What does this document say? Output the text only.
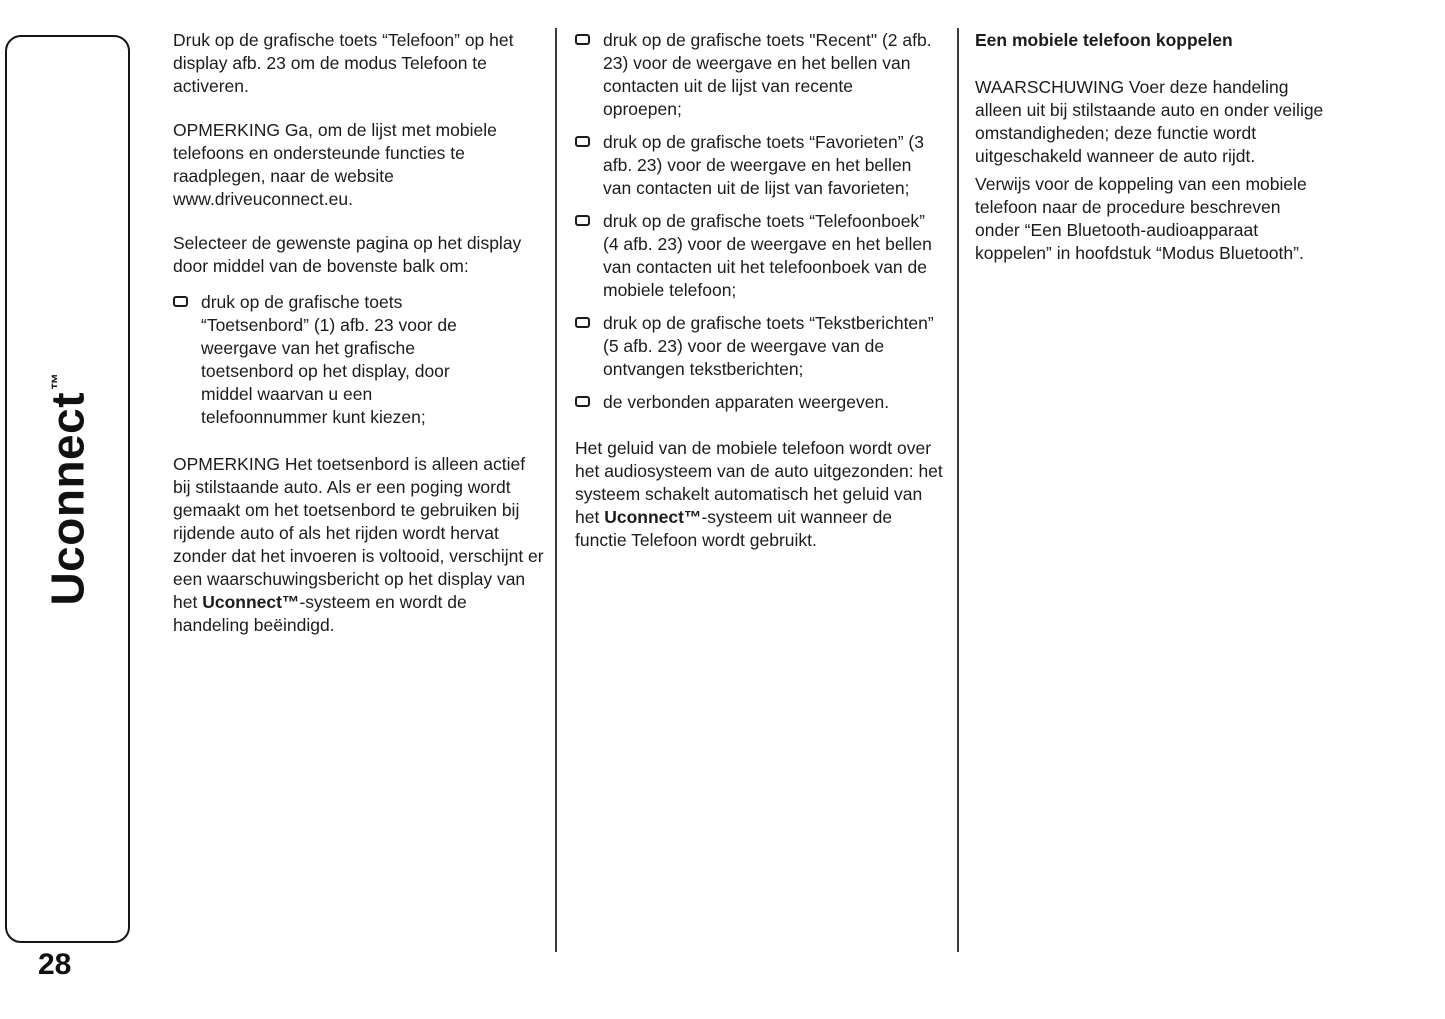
Uconnect™
28

Druk op de grafische toets “Telefoon” op het display afb. 23 om de modus Telefoon te activeren.

OPMERKING Ga, om de lijst met mobiele telefoons en ondersteunde functies te raadplegen, naar de website www.driveuconnect.eu.

Selecteer de gewenste pagina op het display door middel van de bovenste balk om:

druk op de grafische toets “Toetsenbord” (1) afb. 23 voor de weergave van het grafische toetsenbord op het display, door middel waarvan u een telefoonnummer kunt kiezen;

OPMERKING Het toetsenbord is alleen actief bij stilstaande auto. Als er een poging wordt gemaakt om het toetsenbord te gebruiken bij rijdende auto of als het rijden wordt hervat zonder dat het invoeren is voltooid, verschijnt er een waarschuwingsbericht op het display van het Uconnect™-systeem en wordt de handeling beëindigd.

druk op de grafische toets "Recent" (2 afb. 23) voor de weergave en het bellen van contacten uit de lijst van recente oproepen;
druk op de grafische toets “Favorieten” (3 afb. 23) voor de weergave en het bellen van contacten uit de lijst van favorieten;
druk op de grafische toets “Telefoonboek” (4 afb. 23) voor de weergave en het bellen van contacten uit het telefoonboek van de mobiele telefoon;
druk op de grafische toets “Tekstberichten” (5 afb. 23) voor de weergave van de ontvangen tekstberichten;
de verbonden apparaten weergeven.

Het geluid van de mobiele telefoon wordt over het audiosysteem van de auto uitgezonden: het systeem schakelt automatisch het geluid van het Uconnect™-systeem uit wanneer de functie Telefoon wordt gebruikt.

Een mobiele telefoon koppelen

WAARSCHUWING Voer deze handeling alleen uit bij stilstaande auto en onder veilige omstandigheden; deze functie wordt uitgeschakeld wanneer de auto rijdt.

Verwijs voor de koppeling van een mobiele telefoon naar de procedure beschreven onder “Een Bluetooth-audioapparaat koppelen” in hoofdstuk “Modus Bluetooth”.
